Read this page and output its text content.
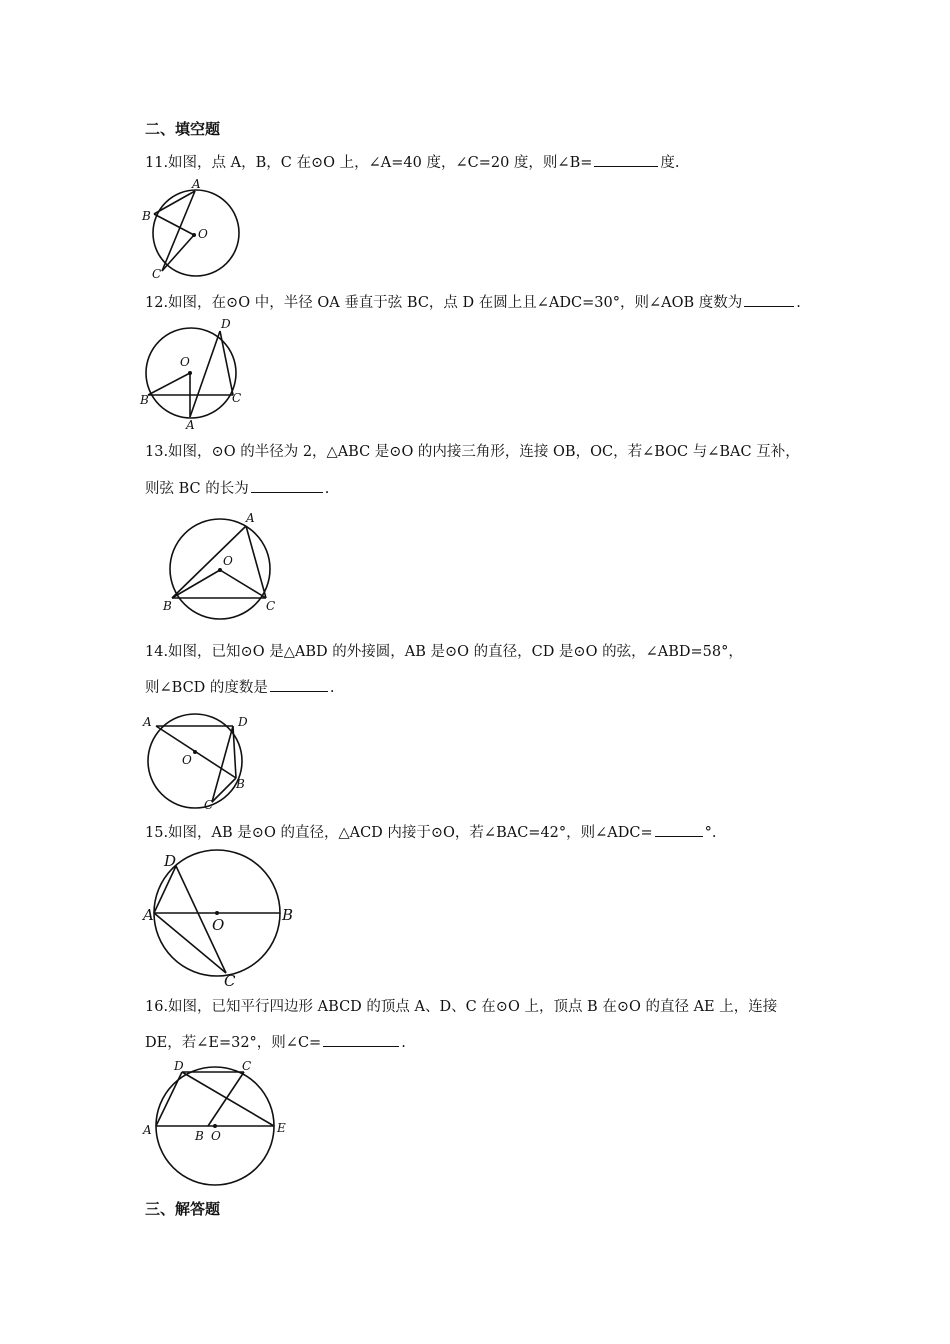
二、填空题
11.如图，点 A，B，C 在⊙O 上，∠A=40 度，∠C=20 度，则∠B=	度.
A
B
O
C
12.如图，在⊙O 中，半径 OA 垂直于弦 BC，点 D 在圆上且∠ADC=30°，则∠AOB 度数为	.
D
O
B	C
A
13.如图，⊙O 的半径为 2，△ABC 是⊙O 的内接三角形，连接 OB，OC，若∠BOC 与∠BAC 互补，
则弦 BC 的长为	.
A
O
B	C
14.如图，已知⊙O 是△ABD 的外接圆，AB 是⊙O 的直径，CD 是⊙O 的弦，∠ABD=58°，
则∠BCD 的度数是	.
A	D
O
B
C
15.如图，AB 是⊙O 的直径，△ACD 内接于⊙O，若∠BAC=42°，则∠ADC=	°.
D
A
O
B
C
16.如图，已知平行四边形 ABCD 的顶点 A、D、C 在⊙O 上，顶点 B 在⊙O 的直径 AE 上，连接
DE，若∠E=32°，则∠C=	.
D	C
A	B O
E
三、解答题
